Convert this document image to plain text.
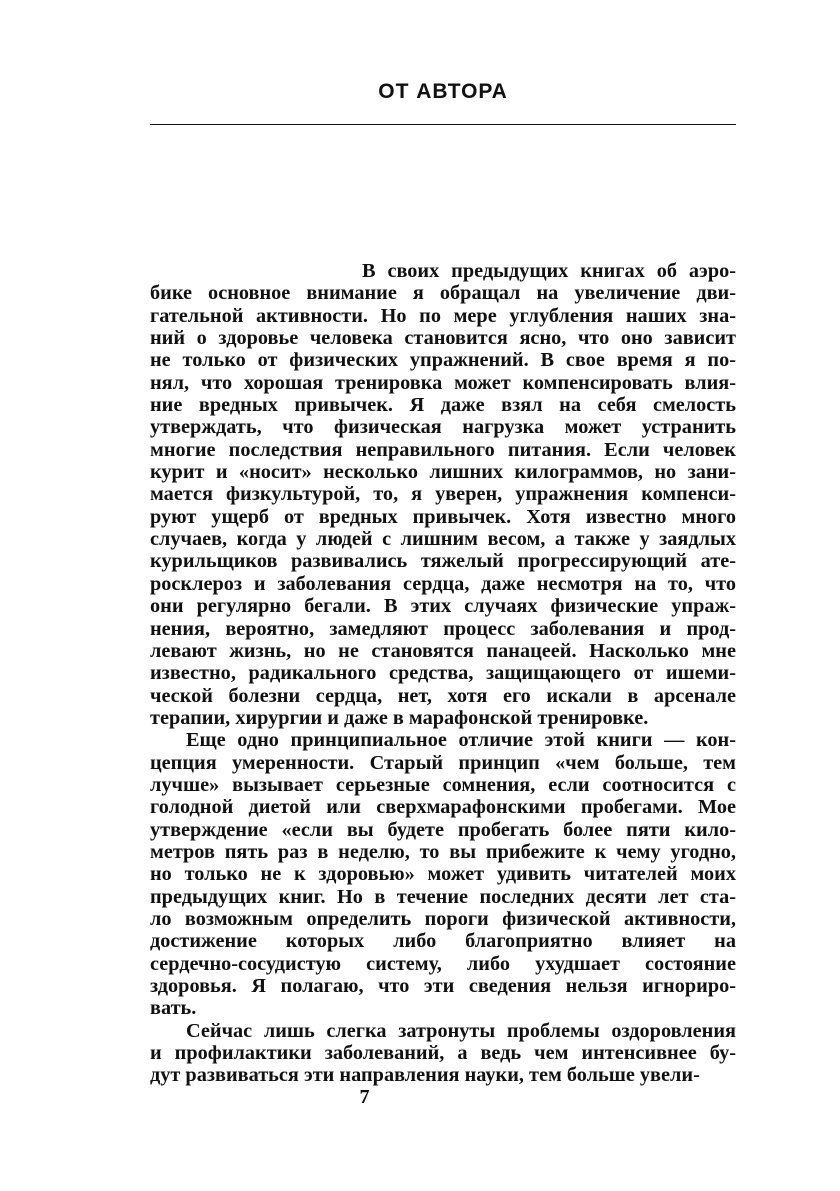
ОТ АВТОРА
В своих предыдущих книгах об аэро-
бике основное внимание я обращал на увеличение дви-
гательной активности. Но по мере углубления наших зна-
ний о здоровье человека становится ясно, что оно зависит
не только от физических упражнений. В свое время я по-
нял, что хорошая тренировка может компенсировать влия-
ние вредных привычек. Я даже взял на себя смелость
утверждать, что физическая нагрузка может устранить
многие последствия неправильного питания. Если человек
курит и «носит» несколько лишних килограммов, но зани-
мается физкультурой, то, я уверен, упражнения компенси-
руют ущерб от вредных привычек. Хотя известно много
случаев, когда у людей с лишним весом, а также у заядлых
курильщиков развивались тяжелый прогрессирующий ате-
росклероз и заболевания сердца, даже несмотря на то, что
они регулярно бегали. В этих случаях физические упраж-
нения, вероятно, замедляют процесс заболевания и прод-
левают жизнь, но не становятся панацеей. Насколько мне
известно, радикального средства, защищающего от ишеми-
ческой болезни сердца, нет, хотя его искали в арсенале
терапии, хирургии и даже в марафонской тренировке.
Еще одно принципиальное отличие этой книги — кон-
цепция умеренности. Старый принцип «чем больше, тем
лучше» вызывает серьезные сомнения, если соотносится с
голодной диетой или сверхмарафонскими пробегами. Мое
утверждение «если вы будете пробегать более пяти кило-
метров пять раз в неделю, то вы прибежите к чему угодно,
но только не к здоровью» может удивить читателей моих
предыдущих книг. Но в течение последних десяти лет ста-
ло возможным определить пороги физической активности,
достижение которых либо благоприятно влияет на
сердечно-сосудистую систему, либо ухудшает состояние
здоровья. Я полагаю, что эти сведения нельзя игнориро-
вать.
Сейчас лишь слегка затронуты проблемы оздоровления
и профилактики заболеваний, а ведь чем интенсивнее бу-
дут развиваться эти направления науки, тем больше увели-
7
